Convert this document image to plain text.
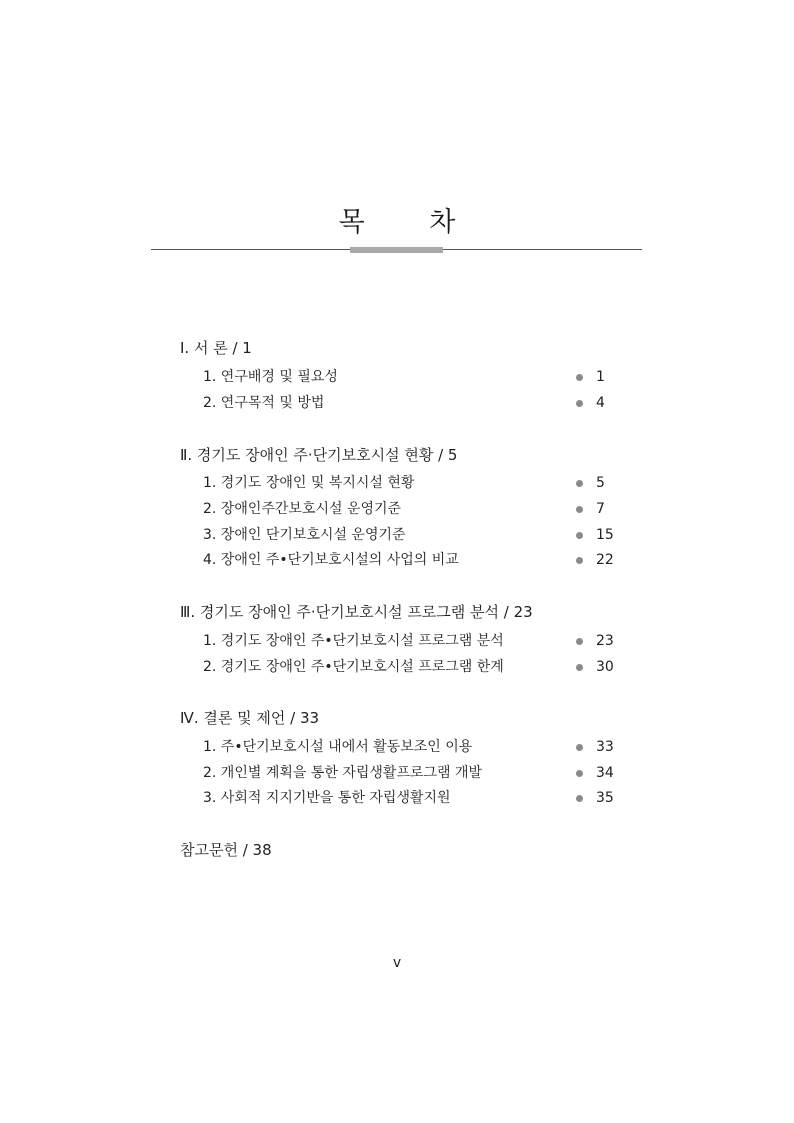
목 차
Ⅰ. 서 론 / 1
1. 연구배경 및 필요성	1
2. 연구목적 및 방법	4
Ⅱ. 경기도 장애인 주·단기보호시설 현황 / 5
1. 경기도 장애인 및 복지시설 현황	5
2. 장애인주간보호시설 운영기준	7
3. 장애인 단기보호시설 운영기준	15
4. 장애인 주•단기보호시설의 사업의 비교	22
Ⅲ. 경기도 장애인 주·단기보호시설 프로그램 분석 / 23
1. 경기도 장애인 주•단기보호시설 프로그램 분석	23
2. 경기도 장애인 주•단기보호시설 프로그램 한계	30
Ⅳ. 결론 및 제언 / 33
1. 주•단기보호시설 내에서 활동보조인 이용	33
2. 개인별 계획을 통한 자립생활프로그램 개발	34
3. 사회적 지지기반을 통한 자립생활지원	35
참고문헌 / 38
v
